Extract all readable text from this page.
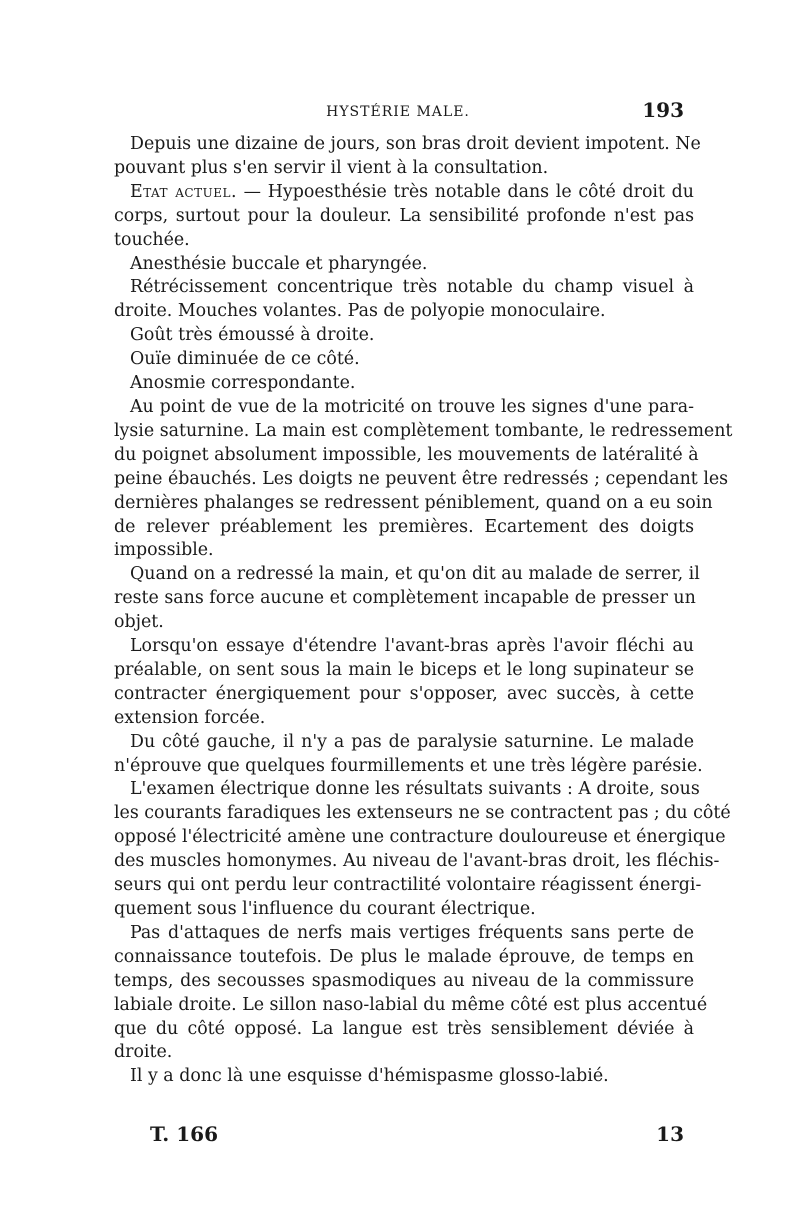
HYSTÉRIE MALE.	193
Depuis une dizaine de jours, son bras droit devient impotent. Ne
pouvant plus s'en servir il vient à la consultation.
Etat actuel. — Hypoesthésie très notable dans le côté droit du
corps, surtout pour la douleur. La sensibilité profonde n'est pas
touchée.
Anesthésie buccale et pharyngée.
Rétrécissement concentrique très notable du champ visuel à
droite. Mouches volantes. Pas de polyopie monoculaire.
Goût très émoussé à droite.
Ouïe diminuée de ce côté.
Anosmie correspondante.
Au point de vue de la motricité on trouve les signes d'une para-
lysie saturnine. La main est complètement tombante, le redressement
du poignet absolument impossible, les mouvements de latéralité à
peine ébauchés. Les doigts ne peuvent être redressés ; cependant les
dernières phalanges se redressent péniblement, quand on a eu soin
de relever préablement les premières. Ecartement des doigts
impossible.
Quand on a redressé la main, et qu'on dit au malade de serrer, il
reste sans force aucune et complètement incapable de presser un
objet.
Lorsqu'on essaye d'étendre l'avant-bras après l'avoir fléchi au
préalable, on sent sous la main le biceps et le long supinateur se
contracter énergiquement pour s'opposer, avec succès, à cette
extension forcée.
Du côté gauche, il n'y a pas de paralysie saturnine. Le malade
n'éprouve que quelques fourmillements et une très légère parésie.
L'examen électrique donne les résultats suivants : A droite, sous
les courants faradiques les extenseurs ne se contractent pas ; du côté
opposé l'électricité amène une contracture douloureuse et énergique
des muscles homonymes. Au niveau de l'avant-bras droit, les fléchis-
seurs qui ont perdu leur contractilité volontaire réagissent énergi-
quement sous l'influence du courant électrique.
Pas d'attaques de nerfs mais vertiges fréquents sans perte de
connaissance toutefois. De plus le malade éprouve, de temps en
temps, des secousses spasmodiques au niveau de la commissure
labiale droite. Le sillon naso-labial du même côté est plus accentué
que du côté opposé. La langue est très sensiblement déviée à
droite.
Il y a donc là une esquisse d'hémispasme glosso-labié.
T. 166	13
